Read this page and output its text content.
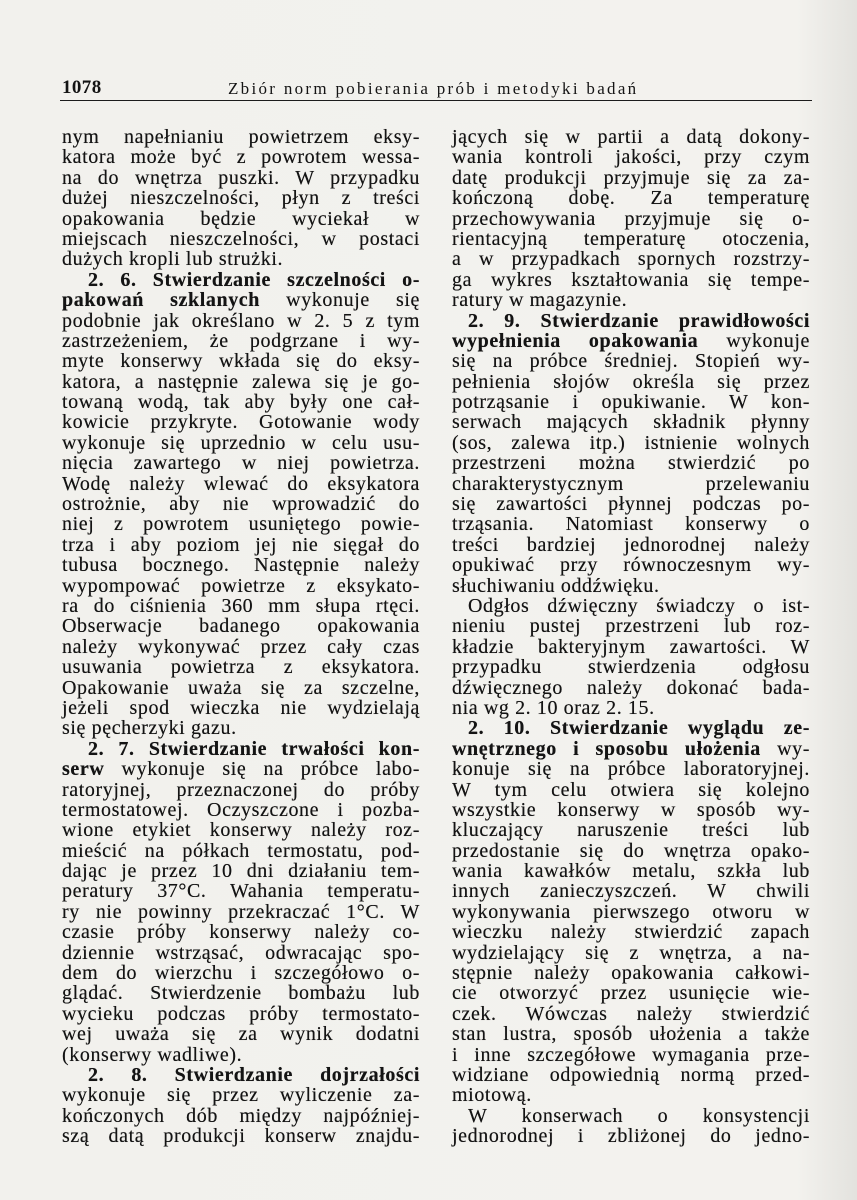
1078	Zbiór norm pobierania prób i metodyki badań
nym napełnianiu powietrzem eksy-
katora może być z powrotem wessa-
na do wnętrza puszki. W przypadku
dużej nieszczelności, płyn z treści
opakowania będzie wyciekał w
miejscach nieszczelności, w postaci
dużych kropli lub strużki.
2. 6. Stwierdzanie szczelności o-
pakowań szklanych wykonuje się
podobnie jak określano w 2. 5 z tym
zastrzeżeniem, że podgrzane i wy-
myte konserwy wkłada się do eksy-
katora, a następnie zalewa się je go-
towaną wodą, tak aby były one cał-
kowicie przykryte. Gotowanie wody
wykonuje się uprzednio w celu usu-
nięcia zawartego w niej powietrza.
Wodę należy wlewać do eksykatora
ostrożnie, aby nie wprowadzić do
niej z powrotem usuniętego powie-
trza i aby poziom jej nie sięgał do
tubusa bocznego. Następnie należy
wypompować powietrze z eksykato-
ra do ciśnienia 360 mm słupa rtęci.
Obserwacje badanego opakowania
należy wykonywać przez cały czas
usuwania powietrza z eksykatora.
Opakowanie uważa się za szczelne,
jeżeli spod wieczka nie wydzielają
się pęcherzyki gazu.
2. 7. Stwierdzanie trwałości kon-
serw wykonuje się na próbce labo-
ratoryjnej, przeznaczonej do próby
termostatowej. Oczyszczone i pozba-
wione etykiet konserwy należy roz-
mieścić na półkach termostatu, pod-
dając je przez 10 dni działaniu tem-
peratury 37°C. Wahania temperatu-
ry nie powinny przekraczać 1°C. W
czasie próby konserwy należy co-
dziennie wstrząsać, odwracając spo-
dem do wierzchu i szczegółowo o-
glądać. Stwierdzenie bombażu lub
wycieku podczas próby termostato-
wej uważa się za wynik dodatni
(konserwy wadliwe).
2. 8. Stwierdzanie dojrzałości
wykonuje się przez wyliczenie za-
kończonych dób między najpóźniej-
szą datą produkcji konserw znajdu-
jących się w partii a datą dokony-
wania kontroli jakości, przy czym
datę produkcji przyjmuje się za za-
kończoną dobę. Za temperaturę
przechowywania przyjmuje się o-
rientacyjną temperaturę otoczenia,
a w przypadkach spornych rozstrzy-
ga wykres kształtowania się tempe-
ratury w magazynie.
2. 9. Stwierdzanie prawidłowości
wypełnienia opakowania wykonuje
się na próbce średniej. Stopień wy-
pełnienia słojów określa się przez
potrząsanie i opukiwanie. W kon-
serwach mających składnik płynny
(sos, zalewa itp.) istnienie wolnych
przestrzeni można stwierdzić po
charakterystycznym przelewaniu
się zawartości płynnej podczas po-
trząsania. Natomiast konserwy o
treści bardziej jednorodnej należy
opukiwać przy równoczesnym wy-
słuchiwaniu oddźwięku.
Odgłos dźwięczny świadczy o ist-
nieniu pustej przestrzeni lub roz-
kładzie bakteryjnym zawartości. W
przypadku stwierdzenia odgłosu
dźwięcznego należy dokonać bada-
nia wg 2. 10 oraz 2. 15.
2. 10. Stwierdzanie wyglądu ze-
wnętrznego i sposobu ułożenia wy-
konuje się na próbce laboratoryjnej.
W tym celu otwiera się kolejno
wszystkie konserwy w sposób wy-
kluczający naruszenie treści lub
przedostanie się do wnętrza opako-
wania kawałków metalu, szkła lub
innych zanieczyszczeń. W chwili
wykonywania pierwszego otworu w
wieczku należy stwierdzić zapach
wydzielający się z wnętrza, a na-
stępnie należy opakowania całkowi-
cie otworzyć przez usunięcie wie-
czek. Wówczas należy stwierdzić
stan lustra, sposób ułożenia a także
i inne szczegółowe wymagania prze-
widziane odpowiednią normą przed-
miotową.
W konserwach o konsystencji
jednorodnej i zbliżonej do jedno-
